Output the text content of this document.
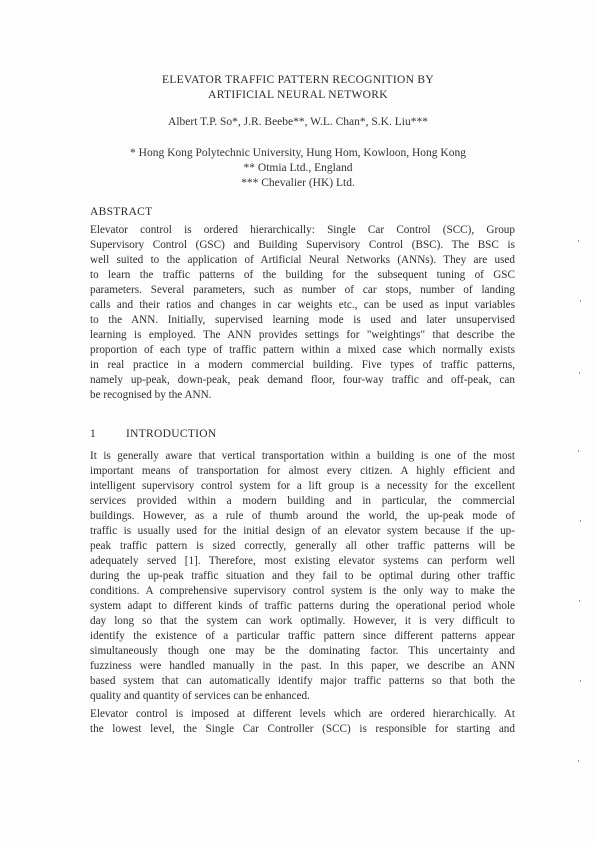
ELEVATOR TRAFFIC PATTERN RECOGNITION BY
ARTIFICIAL NEURAL NETWORK
Albert T.P. So*, J.R. Beebe**, W.L. Chan*, S.K. Liu***
* Hong Kong Polytechnic University, Hung Hom, Kowloon, Hong Kong
** Otmia Ltd., England
*** Chevalier (HK) Ltd.
ABSTRACT
Elevator control is ordered hierarchically: Single Car Control (SCC), Group
Supervisory Control (GSC) and Building Supervisory Control (BSC). The BSC is
well suited to the application of Artificial Neural Networks (ANNs). They are used
to learn the traffic patterns of the building for the subsequent tuning of GSC
parameters. Several parameters, such as number of car stops, number of landing
calls and their ratios and changes in car weights etc., can be used as input variables
to the ANN. Initially, supervised learning mode is used and later unsupervised
learning is employed. The ANN provides settings for "weightings" that describe the
proportion of each type of traffic pattern within a mixed case which normally exists
in real practice in a modern commercial building. Five types of traffic patterns,
namely up-peak, down-peak, peak demand floor, four-way traffic and off-peak, can
be recognised by the ANN.
1	INTRODUCTION
It is generally aware that vertical transportation within a building is one of the most
important means of transportation for almost every citizen. A highly efficient and
intelligent supervisory control system for a lift group is a necessity for the excellent
services provided within a modern building and in particular, the commercial
buildings. However, as a rule of thumb around the world, the up-peak mode of
traffic is usually used for the initial design of an elevator system because if the up-
peak traffic pattern is sized correctly, generally all other traffic patterns will be
adequately served [1]. Therefore, most existing elevator systems can perform well
during the up-peak traffic situation and they fail to be optimal during other traffic
conditions. A comprehensive supervisory control system is the only way to make the
system adapt to different kinds of traffic patterns during the operational period whole
day long so that the system can work optimally. However, it is very difficult to
identify the existence of a particular traffic pattern since different patterns appear
simultaneously though one may be the dominating factor. This uncertainty and
fuzziness were handled manually in the past. In this paper, we describe an ANN
based system that can automatically identify major traffic patterns so that both the
quality and quantity of services can be enhanced.
Elevator control is imposed at different levels which are ordered hierarchically. At
the lowest level, the Single Car Controller (SCC) is responsible for starting and
